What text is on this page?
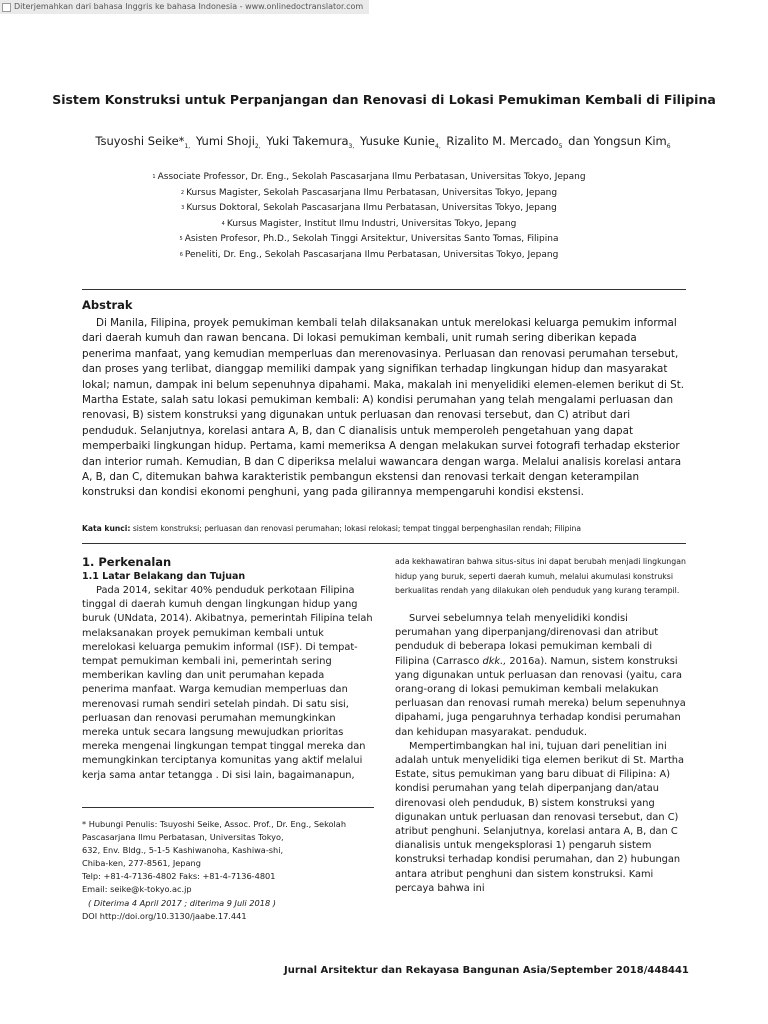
Diterjemahkan dari bahasa Inggris ke bahasa Indonesia - www.onlinedoctranslator.com
Sistem Konstruksi untuk Perpanjangan dan Renovasi di Lokasi Pemukiman Kembali di Filipina
Tsuyoshi $Seike*_{1,}$ Yumi Shoji$_{2,}$ Yuki Takemura$_{3,}$ Yusuke Kunie$_{4,}$ Rizalito M. Mercado$_5$ dan Yongsun Kim$_6$
$^1$ Associate Professor, Dr. Eng., Sekolah Pascasarjana Ilmu Perbatasan, Universitas Tokyo, Jepang
$^2$ Kursus Magister, Sekolah Pascasarjana Ilmu Perbatasan, Universitas Tokyo, Jepang
$^3$ Kursus Doktoral, Sekolah Pascasarjana Ilmu Perbatasan, Universitas Tokyo, Jepang
$^4$ Kursus Magister, Institut Ilmu Industri, Universitas Tokyo, Jepang
$^5$ Asisten Profesor, Ph.D., Sekolah Tinggi Arsitektur, Universitas Santo Tomas, Filipina
$^6$ Peneliti, Dr. Eng., Sekolah Pascasarjana Ilmu Perbatasan, Universitas Tokyo, Jepang
Abstrak

Di Manila, Filipina, proyek pemukiman kembali telah dilaksanakan untuk merelokasi keluarga pemukim informal dari daerah kumuh dan rawan bencana. Di lokasi pemukiman kembali, unit rumah sering diberikan kepada penerima manfaat, yang kemudian memperluas dan merenovasinya. Perluasan dan renovasi perumahan tersebut, dan proses yang terlibat, dianggap memiliki dampak yang signifikan terhadap lingkungan hidup dan masyarakat lokal; namun, dampak ini belum sepenuhnya dipahami. Maka, makalah ini menyelidiki elemen-elemen berikut di St. Martha Estate, salah satu lokasi pemukiman kembali: A) kondisi perumahan yang telah mengalami perluasan dan renovasi, B) sistem konstruksi yang digunakan untuk perluasan dan renovasi tersebut, dan C) atribut dari penduduk. Selanjutnya, korelasi antara A, B, dan C dianalisis untuk memperoleh pengetahuan yang dapat memperbaiki lingkungan hidup. Pertama, kami memeriksa A dengan melakukan survei fotografi terhadap eksterior dan interior rumah. Kemudian, B dan C diperiksa melalui wawancara dengan warga. Melalui analisis korelasi antara A, B, dan C, ditemukan bahwa karakteristik pembangun ekstensi dan renovasi terkait dengan keterampilan konstruksi dan kondisi ekonomi penghuni, yang pada gilirannya mempengaruhi kondisi ekstensi.

Kata kunci: sistem konstruksi; perluasan dan renovasi perumahan; lokasi relokasi; tempat tinggal berpenghasilan rendah; Filipina
1. Perkenalan
1.1 Latar Belakang dan Tujuan

Pada 2014, sekitar 40% penduduk perkotaan Filipina tinggal di daerah kumuh dengan lingkungan hidup yang buruk (UNdata, 2014). Akibatnya, pemerintah Filipina telah melaksanakan proyek pemukiman kembali untuk merelokasi keluarga pemukim informal (ISF). Di tempat-tempat pemukiman kembali ini, pemerintah sering memberikan kavling dan unit perumahan kepada penerima manfaat. Warga kemudian memperluas dan merenovasi rumah sendiri setelah pindah. Di satu sisi, perluasan dan renovasi perumahan memungkinkan mereka untuk secara langsung mewujudkan prioritas mereka mengenai lingkungan tempat tinggal mereka dan memungkinkan terciptanya komunitas yang aktif melalui kerja sama antar tetangga . Di sisi lain, bagaimanapun,

* Hubungi Penulis: Tsuyoshi Seike, Assoc. Prof., Dr. Eng., Sekolah
Pascasarjana Ilmu Perbatasan, Universitas Tokyo,
632, Env. Bldg., 5-1-5 Kashiwanoha, Kashiwa-shi,
Chiba-ken, 277-8561, Jepang
Telp: +81-4-7136-4802 Faks: +81-4-7136-4801
Email: seike@k-tokyo.ac.jp
( Diterima 4 April 2017 ; diterima 9 Juli 2018 )
DOI http://doi.org/10.3130/jaabe.17.441
ada kekhawatiran bahwa situs-situs ini dapat berubah menjadi lingkungan hidup yang buruk, seperti daerah kumuh, melalui akumulasi konstruksi berkualitas rendah yang dilakukan oleh penduduk yang kurang terampil.

Survei sebelumnya telah menyelidiki kondisi perumahan yang diperpanjang/direnovasi dan atribut penduduk di beberapa lokasi pemukiman kembali di Filipina (Carrasco dkk., 2016a). Namun, sistem konstruksi yang digunakan untuk perluasan dan renovasi (yaitu, cara orang-orang di lokasi pemukiman kembali melakukan perluasan dan renovasi rumah mereka) belum sepenuhnya dipahami, juga pengaruhnya terhadap kondisi perumahan dan kehidupan masyarakat. penduduk.

Mempertimbangkan hal ini, tujuan dari penelitian ini adalah untuk menyelidiki tiga elemen berikut di St. Martha Estate, situs pemukiman yang baru dibuat di Filipina: A) kondisi perumahan yang telah diperpanjang dan/atau direnovasi oleh penduduk, B) sistem konstruksi yang digunakan untuk perluasan dan renovasi tersebut, dan C) atribut penghuni. Selanjutnya, korelasi antara A, B, dan C dianalisis untuk mengeksplorasi 1) pengaruh sistem konstruksi terhadap kondisi perumahan, dan 2) hubungan antara atribut penghuni dan sistem konstruksi. Kami percaya bahwa ini

Jurnal Arsitektur dan Rekayasa Bangunan Asia/September 2018/448 441
